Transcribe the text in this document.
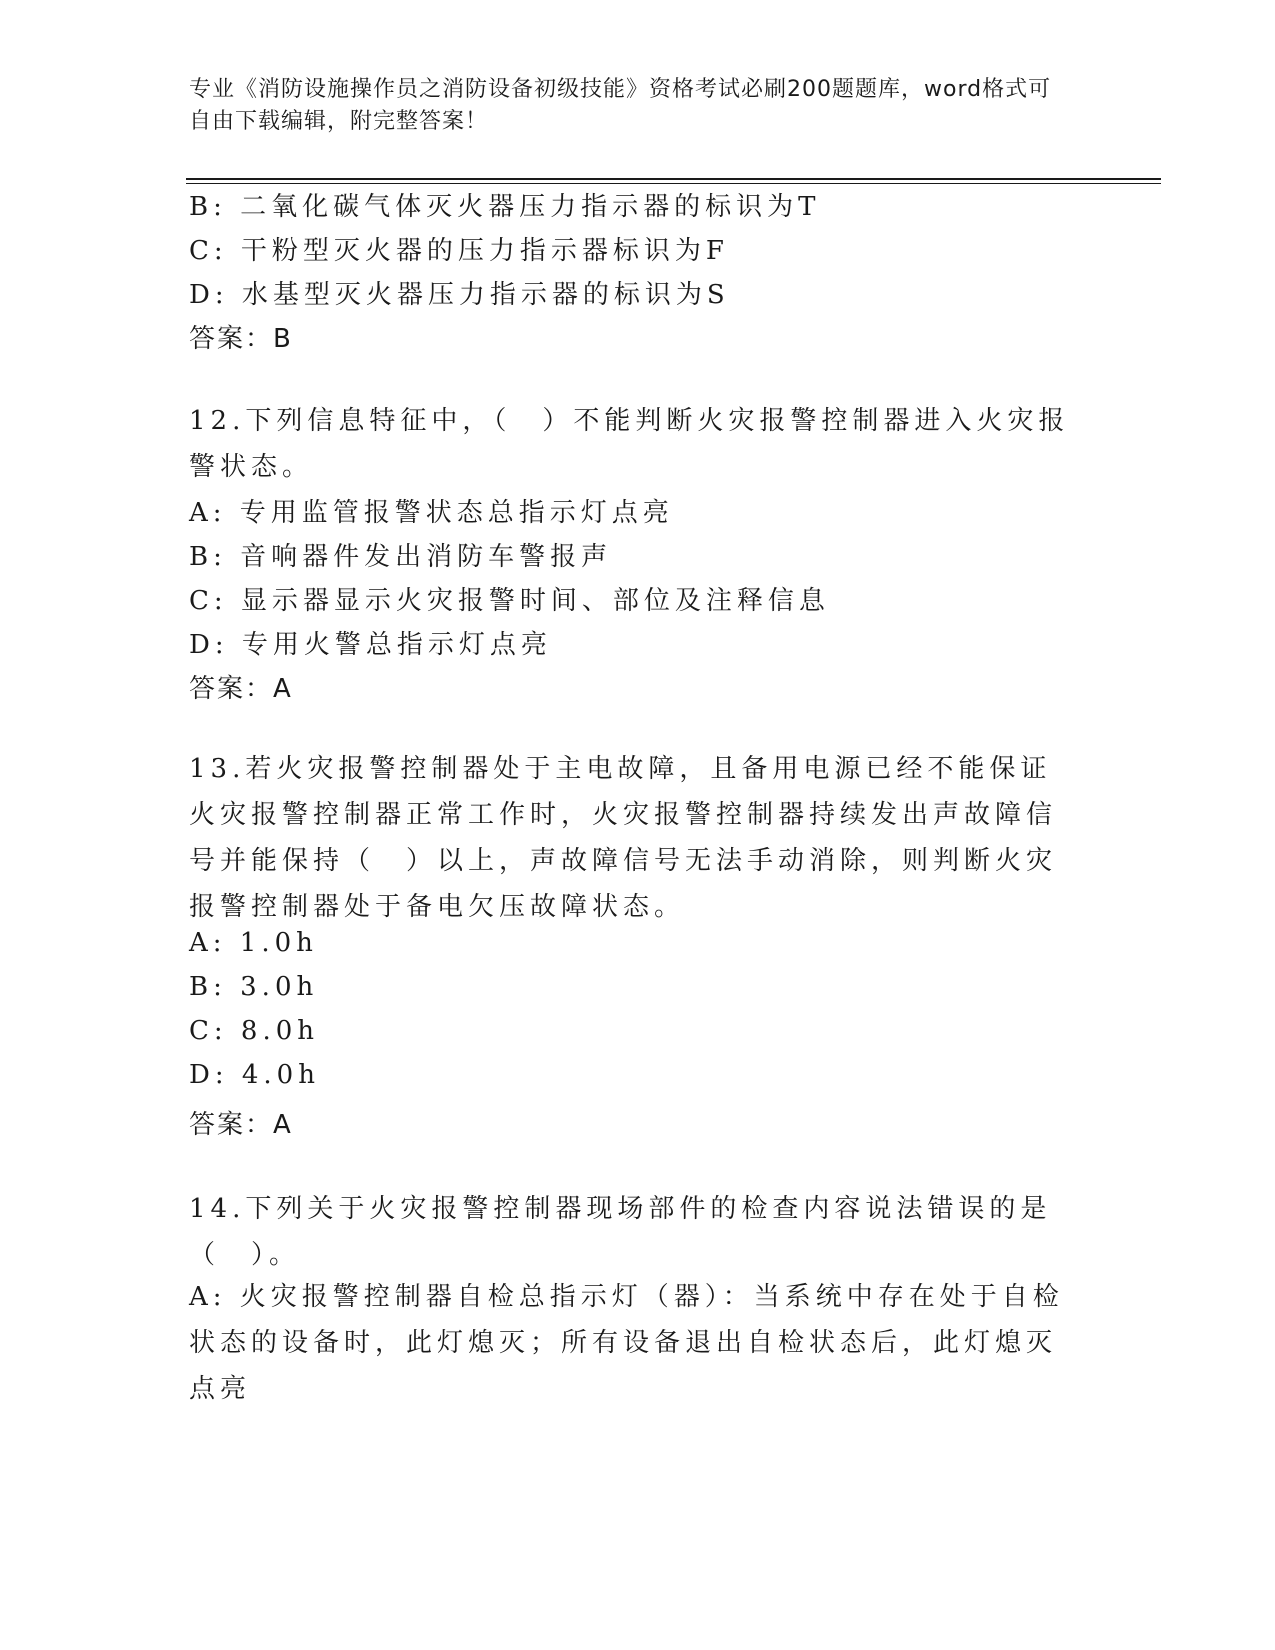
专业《消防设施操作员之消防设备初级技能》资格考试必刷200题题库，word格式可自由下载编辑，附完整答案！
B: 二氧化碳气体灭火器压力指示器的标识为T
C: 干粉型灭火器的压力指示器标识为F
D: 水基型灭火器压力指示器的标识为S
答案：B
12.下列信息特征中，（　）不能判断火灾报警控制器进入火灾报警状态。
A: 专用监管报警状态总指示灯点亮
B: 音响器件发出消防车警报声
C: 显示器显示火灾报警时间、部位及注释信息
D: 专用火警总指示灯点亮
答案：A
13.若火灾报警控制器处于主电故障，且备用电源已经不能保证火灾报警控制器正常工作时，火灾报警控制器持续发出声故障信号并能保持（　）以上，声故障信号无法手动消除，则判断火灾报警控制器处于备电欠压故障状态。
A: 1.0h
B: 3.0h
C: 8.0h
D: 4.0h
答案：A
14.下列关于火灾报警控制器现场部件的检查内容说法错误的是（　）。
A: 火灾报警控制器自检总指示灯（器）：当系统中存在处于自检状态的设备时，此灯熄灭；所有设备退出自检状态后，此灯熄灭点亮
